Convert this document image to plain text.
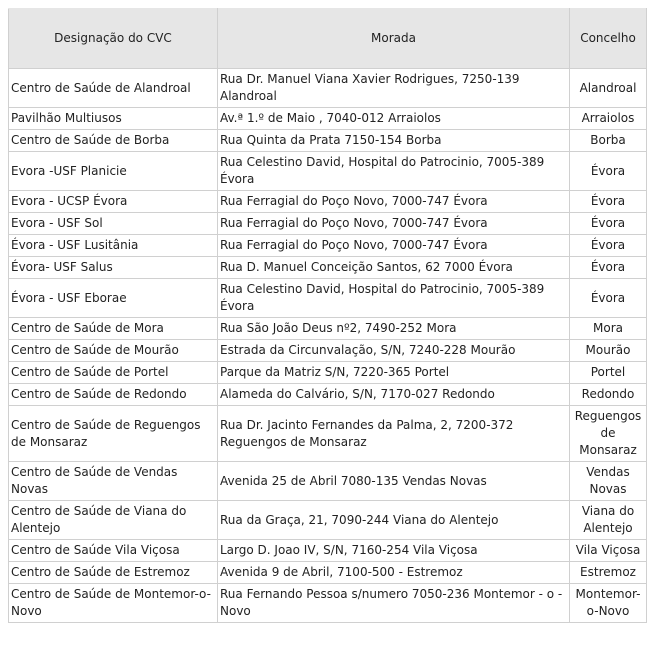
Designação do CVC	Morada	Concelho
Centro de Saúde de Alandroal	Rua Dr. Manuel Viana Xavier Rodrigues, 7250-139 Alandroal	Alandroal
Pavilhão Multiusos	Av.ª 1.º de Maio , 7040-012 Arraiolos	Arraiolos
Centro de Saúde de Borba	Rua Quinta da Prata 7150-154 Borba	Borba
Evora -USF Planicie	Rua Celestino David, Hospital do Patrocinio, 7005-389 Évora	Évora
Evora - UCSP Évora	Rua Ferragial do Poço Novo, 7000-747 Évora	Évora
Evora - USF Sol	Rua Ferragial do Poço Novo, 7000-747 Évora	Évora
Évora - USF Lusitânia	Rua Ferragial do Poço Novo, 7000-747 Évora	Évora
Évora- USF Salus	Rua D. Manuel Conceição Santos, 62 7000 Évora	Évora
Évora - USF Eborae	Rua Celestino David, Hospital do Patrocinio, 7005-389 Évora	Évora
Centro de Saúde de Mora	Rua São João Deus nº2, 7490-252 Mora	Mora
Centro de Saúde de Mourão	Estrada da Circunvalação, S/N, 7240-228 Mourão	Mourão
Centro de Saúde de Portel	Parque da Matriz S/N, 7220-365 Portel	Portel
Centro de Saúde de Redondo	Alameda do Calvário, S/N, 7170-027 Redondo	Redondo
Centro de Saúde de Reguengos de Monsaraz	Rua Dr. Jacinto Fernandes da Palma, 2, 7200-372 Reguengos de Monsaraz	Reguengos de Monsaraz
Centro de Saúde de Vendas Novas	Avenida 25 de Abril 7080-135 Vendas Novas	Vendas Novas
Centro de Saúde de Viana do Alentejo	Rua da Graça, 21, 7090-244 Viana do Alentejo	Viana do Alentejo
Centro de Saúde Vila Viçosa	Largo D. Joao IV, S/N, 7160-254 Vila Viçosa	Vila Viçosa
Centro de Saúde de Estremoz	Avenida 9 de Abril, 7100-500 - Estremoz	Estremoz
Centro de Saúde de Montemor-o-Novo	Rua Fernando Pessoa s/numero 7050-236 Montemor - o - Novo	Montemor-o-Novo
